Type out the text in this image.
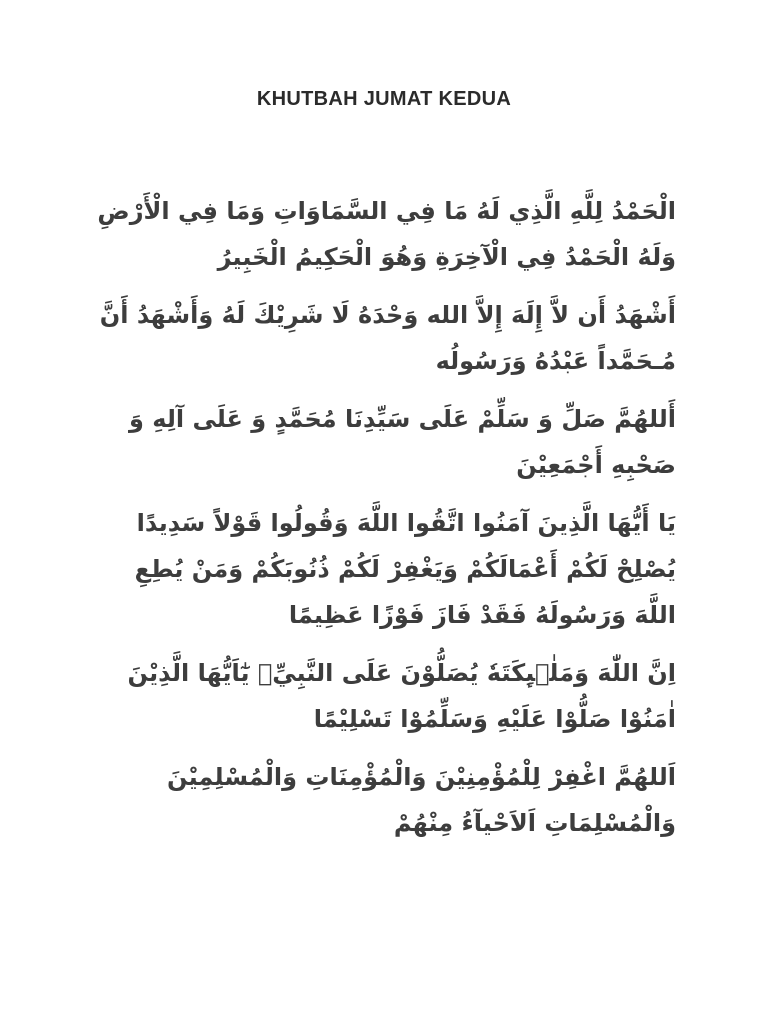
KHUTBAH JUMAT KEDUA

الْحَمْدُ لِلَّهِ الَّذِي لَهُ مَا فِي السَّمَاوَاتِ وَمَا فِي الْأَرْضِ وَلَهُ الْحَمْدُ فِي الْآخِرَةِ وَهُوَ الْحَكِيمُ الْخَبِيرُ

أَشْهَدُ أَن لاَّ إِلَهَ إِلاَّ الله وَحْدَهُ لَا شَرِيْكَ لَهُ وَأَشْهَدُ أَنَّ مُـحَمَّداً عَبْدُهُ وَرَسُولُه

أَللهُمَّ صَلِّ وَ سَلِّمْ عَلَى سَيِّدِنَا مُحَمَّدٍ وَ عَلَى آلِهِ وَ صَحْبِهِ أَجْمَعِيْنَ

يَا أَيُّهَا الَّذِينَ آمَنُوا اتَّقُوا اللَّهَ وَقُولُوا قَوْلاً سَدِيدًا يُصْلِحْ لَكُمْ أَعْمَالَكُمْ وَيَغْفِرْ لَكُمْ ذُنُوبَكُمْ وَمَنْ يُطِعِ اللَّهَ وَرَسُولَهُ فَقَدْ فَازَ فَوْزًا عَظِيمًا

اِنَّ اللّٰهَ وَمَلٰۤىِٕكَتَهٗ يُصَلُّوْنَ عَلَى النَّبِيِّۗ يٰٓاَيُّهَا الَّذِيْنَ اٰمَنُوْا صَلُّوْا عَلَيْهِ وَسَلِّمُوْا تَسْلِيْمًا

اَللهُمَّ اغْفِرْ لِلْمُؤْمِنِيْنَ وَالْمُؤْمِنَاتِ وَالْمُسْلِمِيْنَ وَالْمُسْلِمَاتِ اَلاَحْيآءُ مِنْهُمْ
